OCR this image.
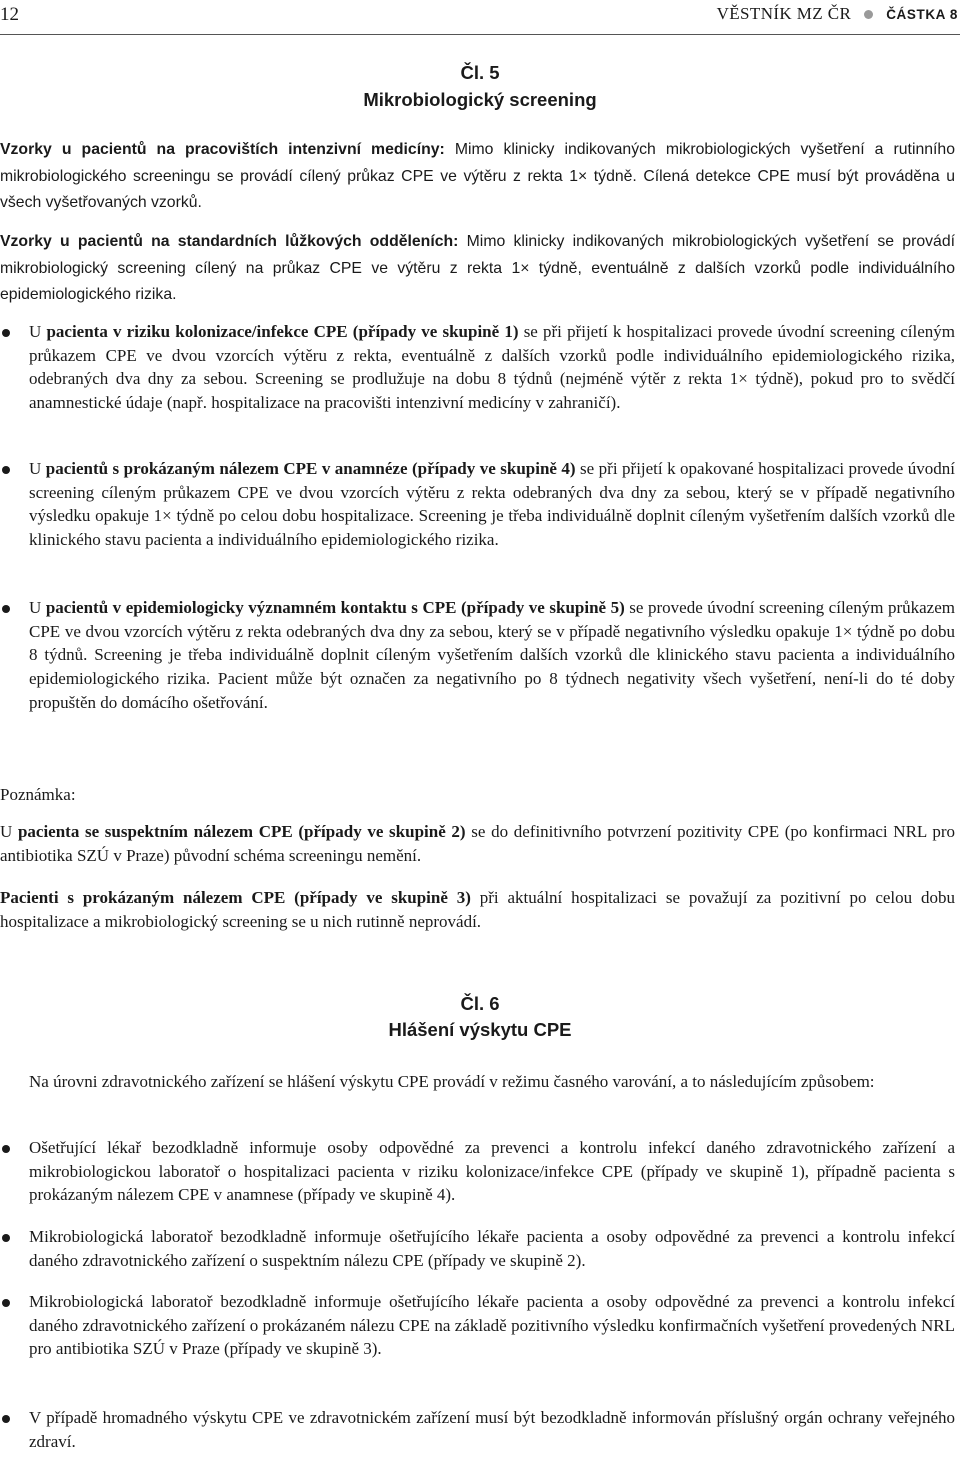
12	VĚSTNÍK MZ ČR	ČÁSTKA 8
Čl. 5
Mikrobiologický screening

Vzorky u pacientů na pracovištích intenzivní medicíny: Mimo klinicky indikovaných mikrobiologických vyšetření a rutinního mikrobiologického screeningu se provádí cílený průkaz CPE ve výtěru z rekta 1× týdně. Cílená detekce CPE musí být prováděna u všech vyšetřovaných vzorků.

Vzorky u pacientů na standardních lůžkových odděleních: Mimo klinicky indikovaných mikrobiologických vyšetření se provádí mikrobiologický screening cílený na průkaz CPE ve výtěru z rekta 1× týdně, eventuálně z dalších vzorků podle individuálního epidemiologického rizika.

U pacienta v riziku kolonizace/infekce CPE (případy ve skupině 1) se při přijetí k hospitalizaci provede úvodní screening cíleným průkazem CPE ve dvou vzorcích výtěru z rekta, eventuálně z dalších vzorků podle individuálního epidemiologického rizika, odebraných dva dny za sebou. Screening se prodlužuje na dobu 8 týdnů (nejméně výtěr z rekta 1× týdně), pokud pro to svědčí anamnestické údaje (např. hospitalizace na pracovišti intenzivní medicíny v zahraničí).
U pacientů s prokázaným nálezem CPE v anamnéze (případy ve skupině 4) se při přijetí k opakované hospitalizaci provede úvodní screening cíleným průkazem CPE ve dvou vzorcích výtěru z rekta odebraných dva dny za sebou, který se v případě negativního výsledku opakuje 1× týdně po celou dobu hospitalizace. Screening je třeba individuálně doplnit cíleným vyšetřením dalších vzorků dle klinického stavu pacienta a individuálního epidemiologického rizika.
U pacientů v epidemiologicky významném kontaktu s CPE (případy ve skupině 5) se provede úvodní screening cíleným průkazem CPE ve dvou vzorcích výtěru z rekta odebraných dva dny za sebou, který se v případě negativního výsledku opakuje 1× týdně po dobu 8 týdnů. Screening je třeba individuálně doplnit cíleným vyšetřením dalších vzorků dle klinického stavu pacienta a individuálního epidemiologického rizika. Pacient může být označen za negativního po 8 týdnech negativity všech vyšetření, není-li do té doby propuštěn do domácího ošetřování.

Poznámka:

U pacienta se suspektním nálezem CPE (případy ve skupině 2) se do definitivního potvrzení pozitivity CPE (po konfirmaci NRL pro antibiotika SZÚ v Praze) původní schéma screeningu nemění.

Pacienti s prokázaným nálezem CPE (případy ve skupině 3) při aktuální hospitalizaci se považují za pozitivní po celou dobu hospitalizace a mikrobiologický screening se u nich rutinně neprovádí.

Čl. 6
Hlášení výskytu CPE

Na úrovni zdravotnického zařízení se hlášení výskytu CPE provádí v režimu časného varování, a to následujícím způsobem:

Ošetřující lékař bezodkladně informuje osoby odpovědné za prevenci a kontrolu infekcí daného zdravotnického zařízení a mikrobiologickou laboratoř o hospitalizaci pacienta v riziku kolonizace/infekce CPE (případy ve skupině 1), případně pacienta s prokázaným nálezem CPE v anamnese (případy ve skupině 4).
Mikrobiologická laboratoř bezodkladně informuje ošetřujícího lékaře pacienta a osoby odpovědné za prevenci a kontrolu infekcí daného zdravotnického zařízení o suspektním nálezu CPE (případy ve skupině 2).
Mikrobiologická laboratoř bezodkladně informuje ošetřujícího lékaře pacienta a osoby odpovědné za prevenci a kontrolu infekcí daného zdravotnického zařízení o prokázaném nálezu CPE na základě pozitivního výsledku konfirmačních vyšetření provedených NRL pro antibiotika SZÚ v Praze (případy ve skupině 3).
V případě hromadného výskytu CPE ve zdravotnickém zařízení musí být bezodkladně informován příslušný orgán ochrany veřejného zdraví.
